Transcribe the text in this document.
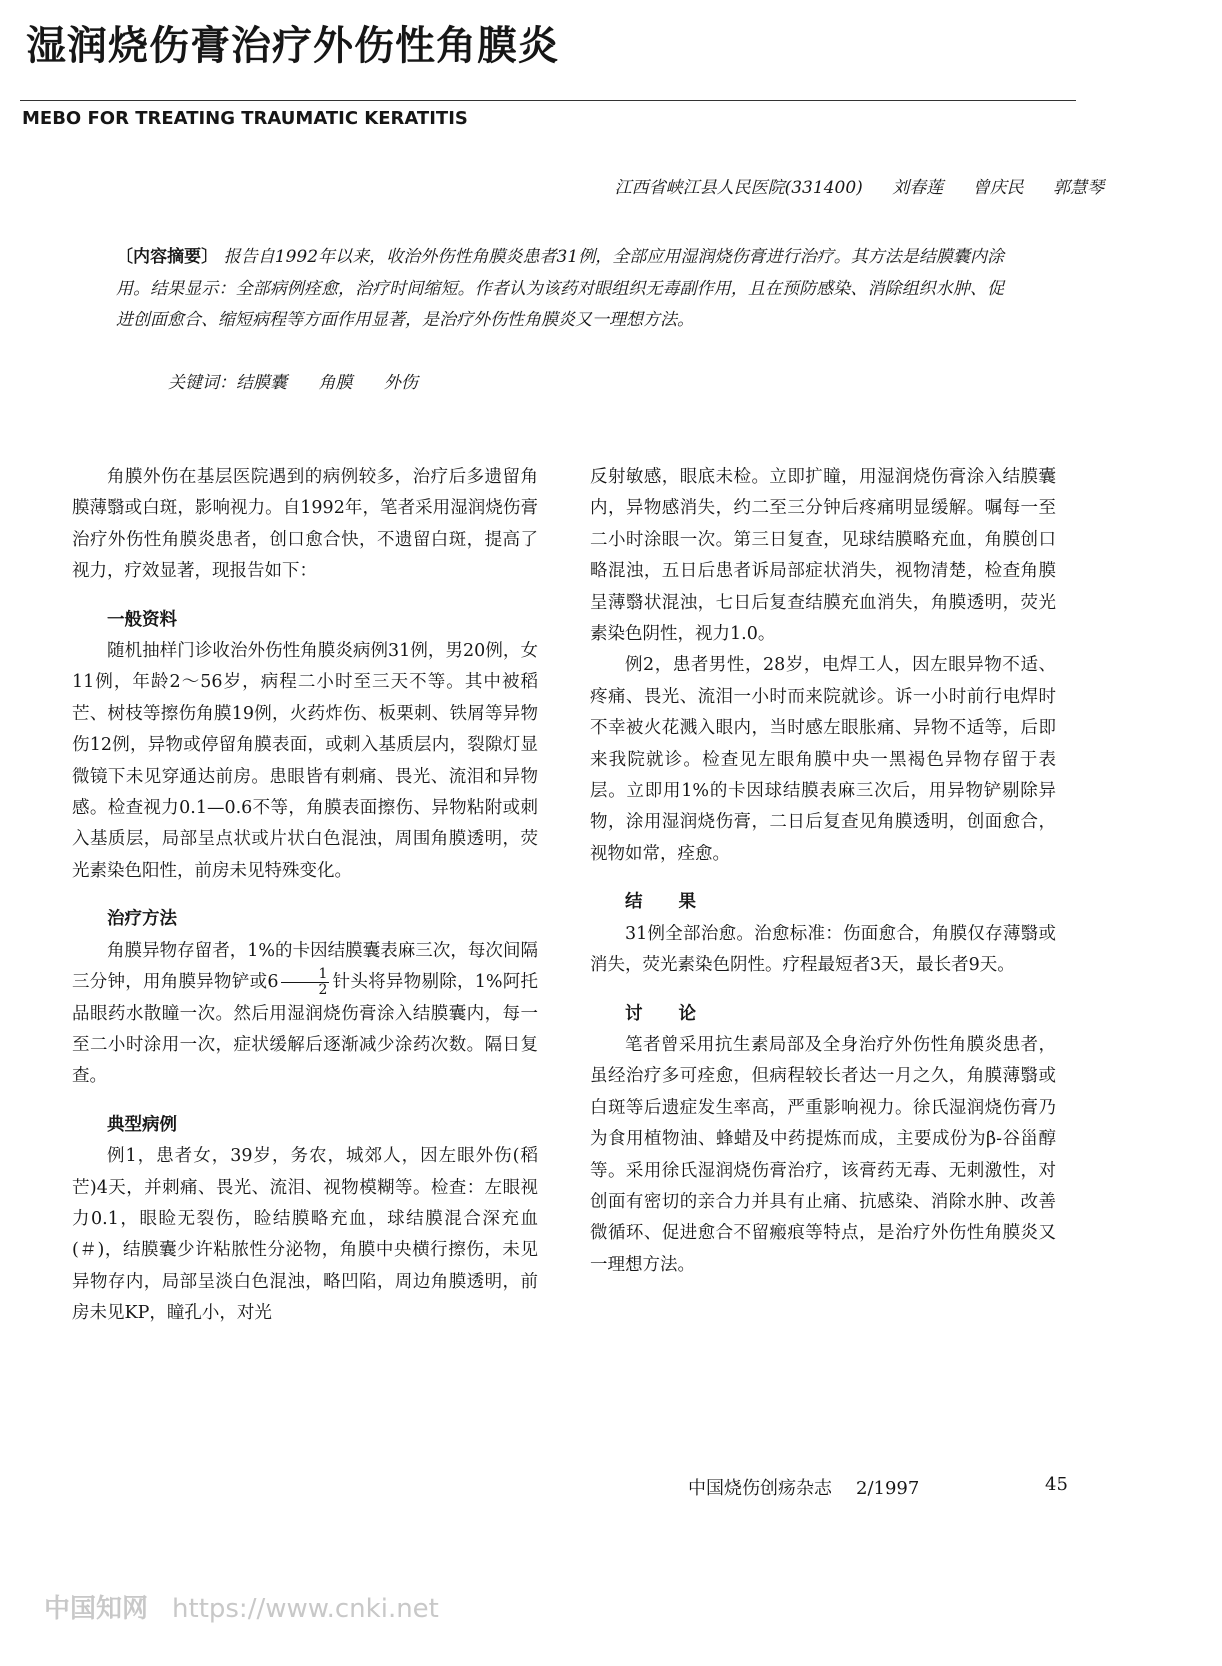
湿润烧伤膏治疗外伤性角膜炎
MEBO FOR TREATING TRAUMATIC KERATITIS
江西省峡江县人民医院(331400) 刘春莲 曾庆民 郭慧琴
〔内容摘要〕 报告自1992年以来，收治外伤性角膜炎患者31例，全部应用湿润烧伤膏进行治疗。其方法是结膜囊内涂用。结果显示：全部病例痊愈，治疗时间缩短。作者认为该药对眼组织无毒副作用，且在预防感染、消除组织水肿、促进创面愈合、缩短病程等方面作用显著，是治疗外伤性角膜炎又一理想方法。
关键词：结膜囊 角膜 外伤

角膜外伤在基层医院遇到的病例较多，治疗后多遗留角膜薄翳或白斑，影响视力。自1992年，笔者采用湿润烧伤膏治疗外伤性角膜炎患者，创口愈合快，不遗留白斑，提高了视力，疗效显著，现报告如下：

一般资料

随机抽样门诊收治外伤性角膜炎病例31例，男20例，女11例，年龄2～56岁，病程二小时至三天不等。其中被稻芒、树枝等擦伤角膜19例，火药炸伤、板栗刺、铁屑等异物伤12例，异物或停留角膜表面，或刺入基质层内，裂隙灯显微镜下未见穿通达前房。患眼皆有刺痛、畏光、流泪和异物感。检查视力0.1—0.6不等，角膜表面擦伤、异物粘附或刺入基质层，局部呈点状或片状白色混浊，周围角膜透明，荧光素染色阳性，前房未见特殊变化。

治疗方法

角膜异物存留者，1%的卡因结膜囊表麻三次，每次间隔三分钟，用角膜异物铲或$6 \frac{1}{2}$ 针头将异物剔除，1%阿托品眼药水散瞳一次。然后用湿润烧伤膏涂入结膜囊内，每一至二小时涂用一次，症状缓解后逐渐减少涂药次数。隔日复查。

典型病例

例1，患者女，39岁，务农，城郊人，因左眼外伤(稻芒)4天，并刺痛、畏光、流泪、视物模糊等。检查：左眼视力0.1，眼睑无裂伤，睑结膜略充血，球结膜混合深充血(＃)，结膜囊少许粘脓性分泌物，角膜中央横行擦伤，未见异物存内，局部呈淡白色混浊，略凹陷，周边角膜透明，前房未见KP，瞳孔小，对光

反射敏感，眼底未检。立即扩瞳，用湿润烧伤膏涂入结膜囊内，异物感消失，约二至三分钟后疼痛明显缓解。嘱每一至二小时涂眼一次。第三日复查，见球结膜略充血，角膜创口略混浊，五日后患者诉局部症状消失，视物清楚，检查角膜呈薄翳状混浊，七日后复查结膜充血消失，角膜透明，荧光素染色阴性，视力1.0。

例2，患者男性，28岁，电焊工人，因左眼异物不适、疼痛、畏光、流泪一小时而来院就诊。诉一小时前行电焊时不幸被火花溅入眼内，当时感左眼胀痛、异物不适等，后即来我院就诊。检查见左眼角膜中央一黑褐色异物存留于表层。立即用1%的卡因球结膜表麻三次后，用异物铲剔除异物，涂用湿润烧伤膏，二日后复查见角膜透明，创面愈合，视物如常，痊愈。

结果

31例全部治愈。治愈标准：伤面愈合，角膜仅存薄翳或消失，荧光素染色阴性。疗程最短者3天，最长者9天。

讨论

笔者曾采用抗生素局部及全身治疗外伤性角膜炎患者，虽经治疗多可痊愈，但病程较长者达一月之久，角膜薄翳或白斑等后遗症发生率高，严重影响视力。徐氏湿润烧伤膏乃为食用植物油、蜂蜡及中药提炼而成，主要成份为β-谷甾醇等。采用徐氏湿润烧伤膏治疗，该膏药无毒、无刺激性，对创面有密切的亲合力并具有止痛、抗感染、消除水肿、改善微循环、促进愈合不留瘢痕等特点，是治疗外伤性角膜炎又一理想方法。

中国烧伤创疡杂志 2/1997	45
中国知网 https://www.cnki.net
